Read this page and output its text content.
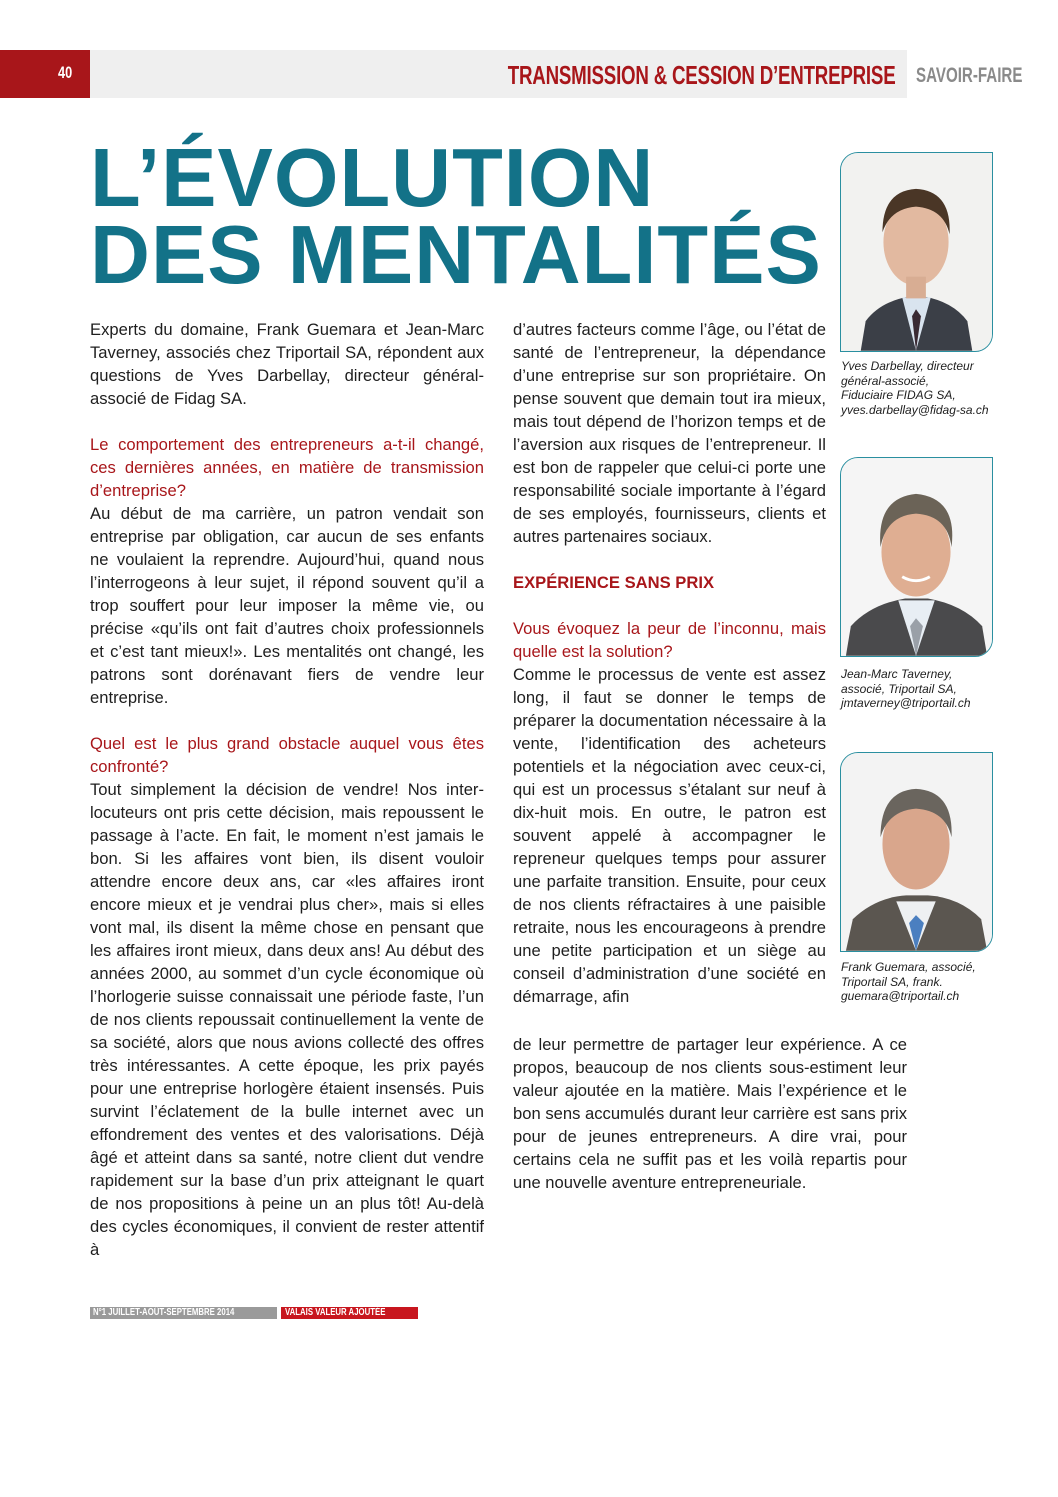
40	TRANSMISSION & CESSION D’ENTREPRISE SAVOIR-FAIRE
L’ÉVOLUTION
DES MENTALITÉS

Experts du domaine, Frank Guemara et Jean-Marc Taverney, associés chez Triportail SA, répondent aux questions de Yves Darbellay, directeur général-associé de Fidag SA.

Le comportement des entrepreneurs a-t-il changé, ces dernières années, en matière de transmission d’entreprise?

Au début de ma carrière, un patron vendait son entreprise par obligation, car aucun de ses enfants ne voulaient la reprendre. Aujourd’hui, quand nous l’interrogeons à leur sujet, il répond souvent qu’il a trop souffert pour leur imposer la même vie, ou précise «qu’ils ont fait d’autres choix professionnels et c’est tant mieux!». Les mentalités ont changé, les patrons sont dorénavant fiers de vendre leur entreprise.

Quel est le plus grand obstacle auquel vous êtes confronté?

Tout simplement la décision de vendre! Nos interlocuteurs ont pris cette décision, mais repoussent le passage à l’acte. En fait, le moment n’est jamais le bon. Si les affaires vont bien, ils disent vouloir attendre encore deux ans, car «les affaires iront encore mieux et je vendrai plus cher», mais si elles vont mal, ils disent la même chose en pensant que les affaires iront mieux, dans deux ans! Au début des années 2000, au sommet d’un cycle économique où l’horlogerie suisse connaissait une période faste, l’un de nos clients repoussait continuellement la vente de sa société, alors que nous avions collecté des offres très intéressantes. A cette époque, les prix payés pour une entreprise horlogère étaient insensés. Puis survint l’éclatement de la bulle internet avec un effondrement des ventes et des valorisations. Déjà âgé et atteint dans sa santé, notre client dut vendre rapidement sur la base d’un prix atteignant le quart de nos propositions à peine un an plus tôt! Au-delà des cycles économiques, il convient de rester attentif à

d’autres facteurs comme l’âge, ou l’état de santé de l’entrepreneur, la dépendance d’une entreprise sur son propriétaire. On pense souvent que demain tout ira mieux, mais tout dépend de l’horizon temps et de l’aversion aux risques de l’entrepreneur. Il est bon de rappeler que celui-ci porte une responsabilité sociale importante à l’égard de ses employés, fournisseurs, clients et autres partenaires sociaux.

EXPÉRIENCE SANS PRIX

Vous évoquez la peur de l’inconnu, mais quelle est la solution?

Comme le processus de vente est assez long, il faut se donner le temps de préparer la documentation nécessaire à la vente, l’identification des acheteurs potentiels et la négociation avec ceux-ci, qui est un processus s’étalant sur neuf à dix-huit mois. En outre, le patron est souvent appelé à accompagner le repreneur quelques temps pour assurer une parfaite transition. Ensuite, pour ceux de nos clients réfractaires à une paisible retraite, nous les encourageons à prendre une petite participation et un siège au conseil d’administration d’une société en démarrage, afin

de leur permettre de partager leur expérience. A ce propos, beaucoup de nos clients sous-estiment leur valeur ajoutée en la matière. Mais l’expérience et le bon sens accumulés durant leur carrière est sans prix pour de jeunes entrepreneurs. A dire vrai, pour certains cela ne suffit pas et les voilà repartis pour une nouvelle aventure entrepreneuriale.

Yves Darbellay, directeur
général-associé,
Fiduciaire FIDAG SA,
yves.darbellay@fidag-sa.ch
Jean-Marc Taverney,
associé, Triportail SA,
jmtaverney@triportail.ch
Frank Guemara, associé,
Triportail SA, frank.
guemara@triportail.ch
N°1 JUILLET-AOÛT-SEPTEMBRE 2014	VALAIS VALEUR AJOUTÉE
